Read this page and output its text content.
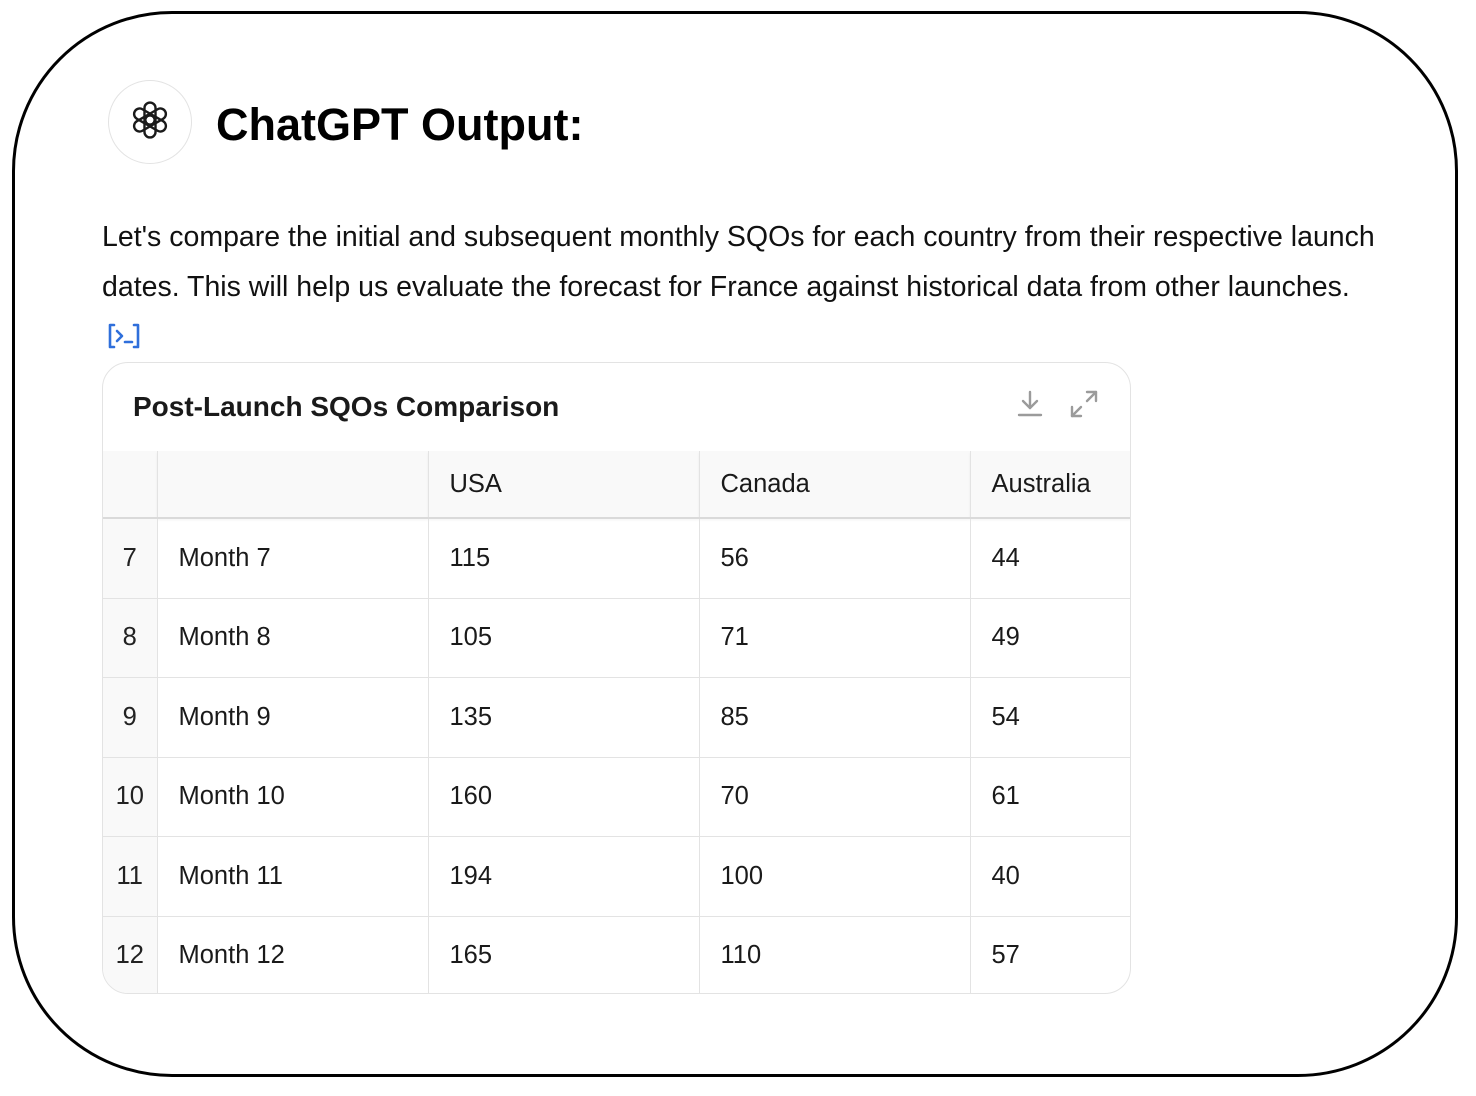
ChatGPT Output:
Let's compare the initial and subsequent monthly SQOs for each country from their respective launch dates. This will help us evaluate the forecast for France against historical data from other launches.
Post-Launch SQOs Comparison
		USA	Canada	Australia
7	Month 7	115	56	44
8	Month 8	105	71	49
9	Month 9	135	85	54
10	Month 10	160	70	61
11	Month 11	194	100	40
12	Month 12	165	110	57
